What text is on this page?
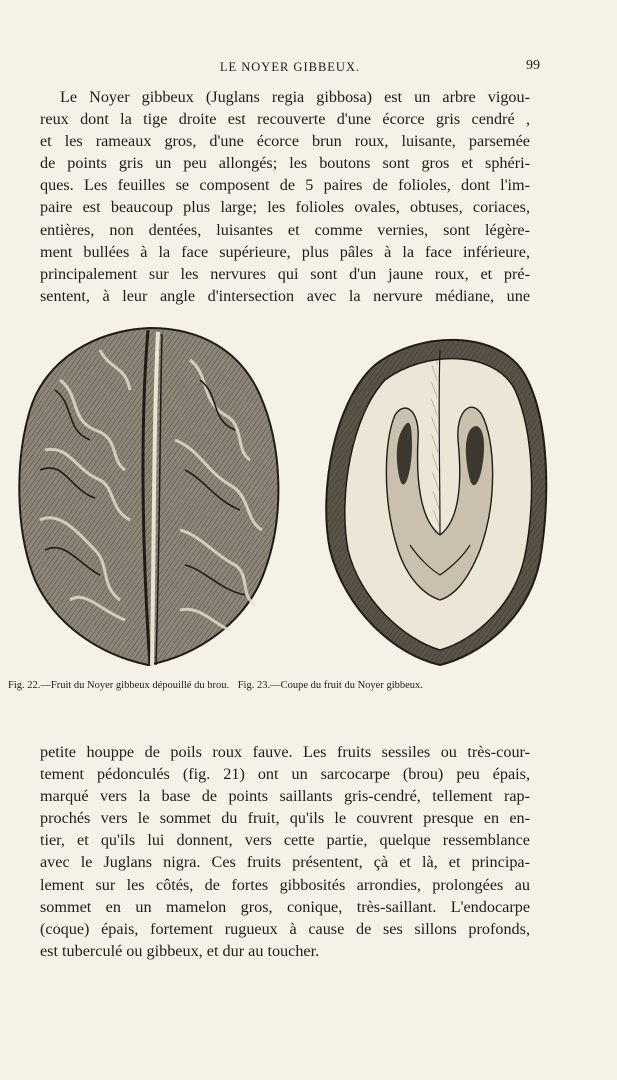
LE NOYER GIBBEUX.	99
Le Noyer gibbeux (Juglans regia gibbosa) est un arbre vigou-
reux dont la tige droite est recouverte d'une écorce gris cendré ,
et les rameaux gros, d'une écorce brun roux, luisante, parsemée
de points gris un peu allongés; les boutons sont gros et sphéri-
ques. Les feuilles se composent de 5 paires de folioles, dont l'im-
paire est beaucoup plus large; les folioles ovales, obtuses, coriaces,
entières, non dentées, luisantes et comme vernies, sont légère-
ment bullées à la face supérieure, plus pâles à la face inférieure,
principalement sur les nervures qui sont d'un jaune roux, et pré-
sentent, à leur angle d'intersection avec la nervure médiane, une
Fig. 22.—Fruit du Noyer gibbeux dépouillé du brou. Fig. 23.—Coupe du fruit du Noyer gibbeux.
petite houppe de poils roux fauve. Les fruits sessiles ou très-cour-
tement pédonculés (fig. 21) ont un sarcocarpe (brou) peu épais,
marqué vers la base de points saillants gris-cendré, tellement rap-
prochés vers le sommet du fruit, qu'ils le couvrent presque en en-
tier, et qu'ils lui donnent, vers cette partie, quelque ressemblance
avec le Juglans nigra. Ces fruits présentent, çà et là, et principa-
lement sur les côtés, de fortes gibbosités arrondies, prolongées au
sommet en un mamelon gros, conique, très-saillant. L'endocarpe
(coque) épais, fortement rugueux à cause de ses sillons profonds,
est tuberculé ou gibbeux, et dur au toucher.
